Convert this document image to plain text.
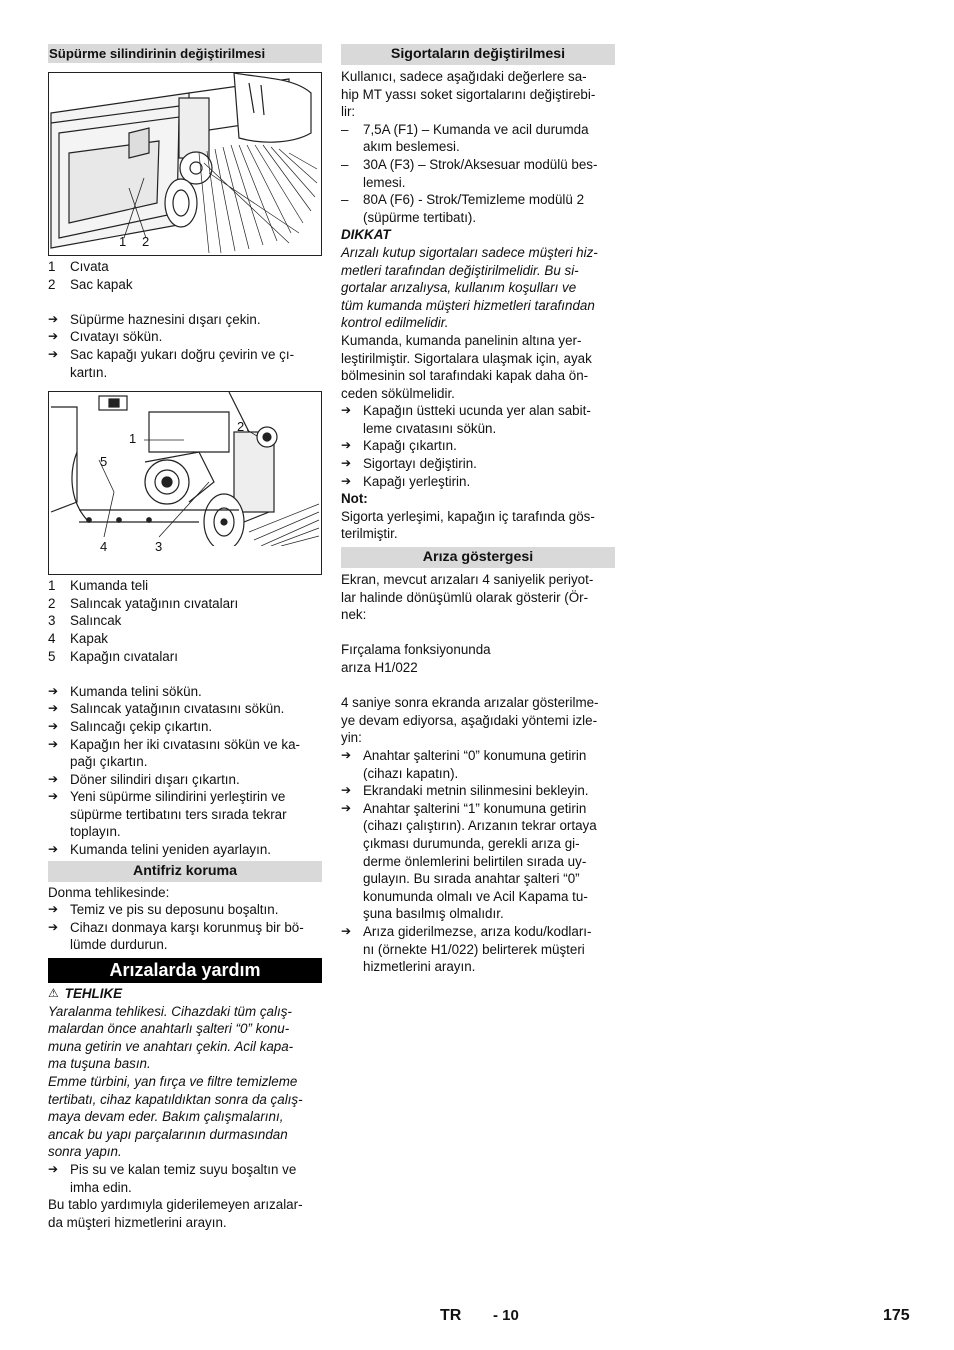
Süpürme silindirinin değiştirilmesi
1 2
1	Cıvata
2	Sac kapak
➔ Süpürme haznesini dışarı çekin.
➔ Cıvatayı sökün.
➔ Sac kapağı yukarı doğru çevirin ve çı-
kartın.
1
2
3
4
5
1	Kumanda teli
2	Salıncak yatağının cıvataları
3	Salıncak
4	Kapak
5	Kapağın cıvataları
➔ Kumanda telini sökün.
➔ Salıncak yatağının cıvatasını sökün.
➔ Salıncağı çekip çıkartın.
➔ Kapağın her iki cıvatasını sökün ve ka-
pağı çıkartın.
➔ Döner silindiri dışarı çıkartın.
➔ Yeni süpürme silindirini yerleştirin ve
süpürme tertibatını ters sırada tekrar
toplayın.
➔ Kumanda telini yeniden ayarlayın.
Antifriz koruma

Donma tehlikesinde:

➔ Temiz ve pis su deposunu boşaltın.
➔ Cihazı donmaya karşı korunmuş bir bö-
lümde durdurun.
Arızalarda yardım
⚠ TEHLIKE

Yaralanma tehlikesi. Cihazdaki tüm çalış-
malardan önce anahtarlı şalteri “0” konu-
muna getirin ve anahtarı çekin. Acil kapa-
ma tuşuna basın.
Emme türbini, yan fırça ve filtre temizleme
tertibatı, cihaz kapatıldıktan sonra da çalış-
maya devam eder. Bakım çalışmalarını,
ancak bu yapı parçalarının durmasından
sonra yapın.

➔ Pis su ve kalan temiz suyu boşaltın ve
imha edin.

Bu tablo yardımıyla giderilemeyen arızalar-
da müşteri hizmetlerini arayın.

Sigortaların değiştirilmesi

Kullanıcı, sadece aşağıdaki değerlere sa-
hip MT yassı soket sigortalarını değiştirebi-
lir:

–	7,5A (F1) – Kumanda ve acil durumda
akım beslemesi.
–	30A (F3) – Strok/Aksesuar modülü bes-
lemesi.
–	80A (F6) - Strok/Temizleme modülü 2
(süpürme tertibatı).

DIKKAT

Arızalı kutup sigortaları sadece müşteri hiz-
metleri tarafından değiştirilmelidir. Bu si-
gortalar arızalıysa, kullanım koşulları ve
tüm kumanda müşteri hizmetleri tarafından
kontrol edilmelidir.

Kumanda, kumanda panelinin altına yer-
leştirilmiştir. Sigortalara ulaşmak için, ayak
bölmesinin sol tarafındaki kapak daha ön-
ceden sökülmelidir.

➔ Kapağın üstteki ucunda yer alan sabit-
leme cıvatasını sökün.
➔ Kapağı çıkartın.
➔ Sigortayı değiştirin.
➔ Kapağı yerleştirin.

Not:

Sigorta yerleşimi, kapağın iç tarafında gös-
terilmiştir.

Arıza göstergesi

Ekran, mevcut arızaları 4 saniyelik periyot-
lar halinde dönüşümlü olarak gösterir (Ör-
nek:

Fırçalama fonksiyonunda
arıza H1/022

4 saniye sonra ekranda arızalar gösterilme-
ye devam ediyorsa, aşağıdaki yöntemi izle-
yin:

➔ Anahtar şalterini “0” konumuna getirin
(cihazı kapatın).
➔ Ekrandaki metnin silinmesini bekleyin.
➔ Anahtar şalterini “1” konumuna getirin
(cihazı çalıştırın). Arızanın tekrar ortaya
çıkması durumunda, gerekli arıza gi-
derme önlemlerini belirtilen sırada uy-
gulayın. Bu sırada anahtar şalteri “0”
konumunda olmalı ve Acil Kapama tu-
şuna basılmış olmalıdır.
➔ Arıza giderilmezse, arıza kodu/kodları-
nı (örnekte H1/022) belirterek müşteri
hizmetlerini arayın.
TR - 10	175
